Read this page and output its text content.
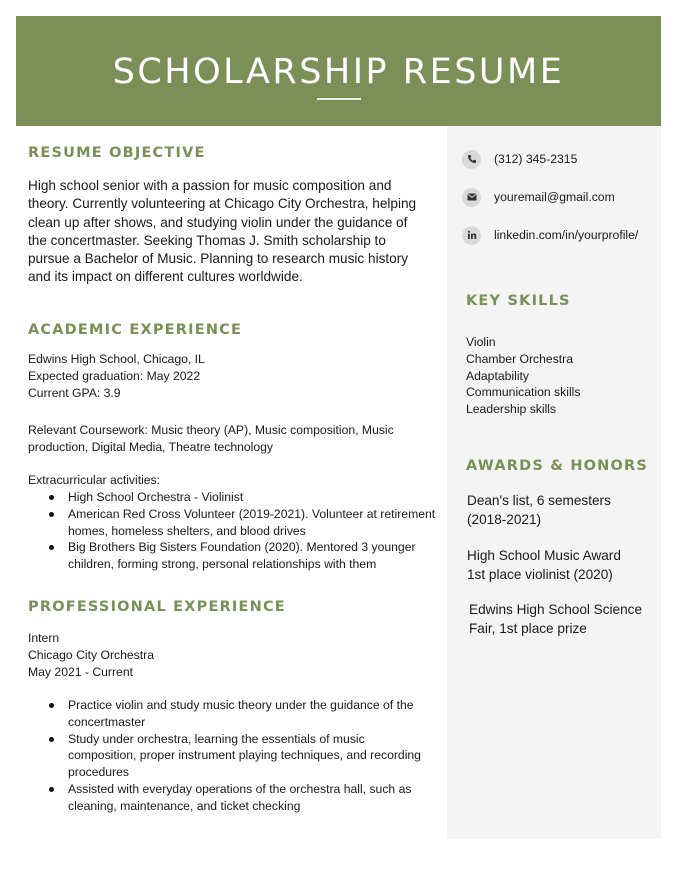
SCHOLARSHIP RESUME
RESUME OBJECTIVE

High school senior with a passion for music composition and theory. Currently volunteering at Chicago City Orchestra, helping clean up after shows, and studying violin under the guidance of the concertmaster. Seeking Thomas J. Smith scholarship to pursue a Bachelor of Music. Planning to research music history and its impact on different cultures worldwide.

ACADEMIC EXPERIENCE
Edwins High School, Chicago, IL
Expected graduation: May 2022
Current GPA: 3.9

Relevant Coursework: Music theory (AP), Music composition, Music production, Digital Media, Theatre technology

Extracurricular activities:

High School Orchestra - Violinist
American Red Cross Volunteer (2019-2021). Volunteer at retirement homes, homeless shelters, and blood drives
Big Brothers Big Sisters Foundation (2020). Mentored 3 younger children, forming strong, personal relationships with them
PROFESSIONAL EXPERIENCE
Intern
Chicago City Orchestra
May 2021 - Current
Practice violin and study music theory under the guidance of the concertmaster
Study under orchestra, learning the essentials of music composition, proper instrument playing techniques, and recording procedures
Assisted with everyday operations of the orchestra hall, such as cleaning, maintenance, and ticket checking
(312) 345-2315
youremail@gmail.com
linkedin.com/in/yourprofile/
KEY SKILLS
Violin
Chamber Orchestra
Adaptability
Communication skills
Leadership skills
AWARDS & HONORS

Dean's list, 6 semesters (2018-2021)

High School Music Award 1st place violinist (2020)

Edwins High School Science Fair, 1st place prize
